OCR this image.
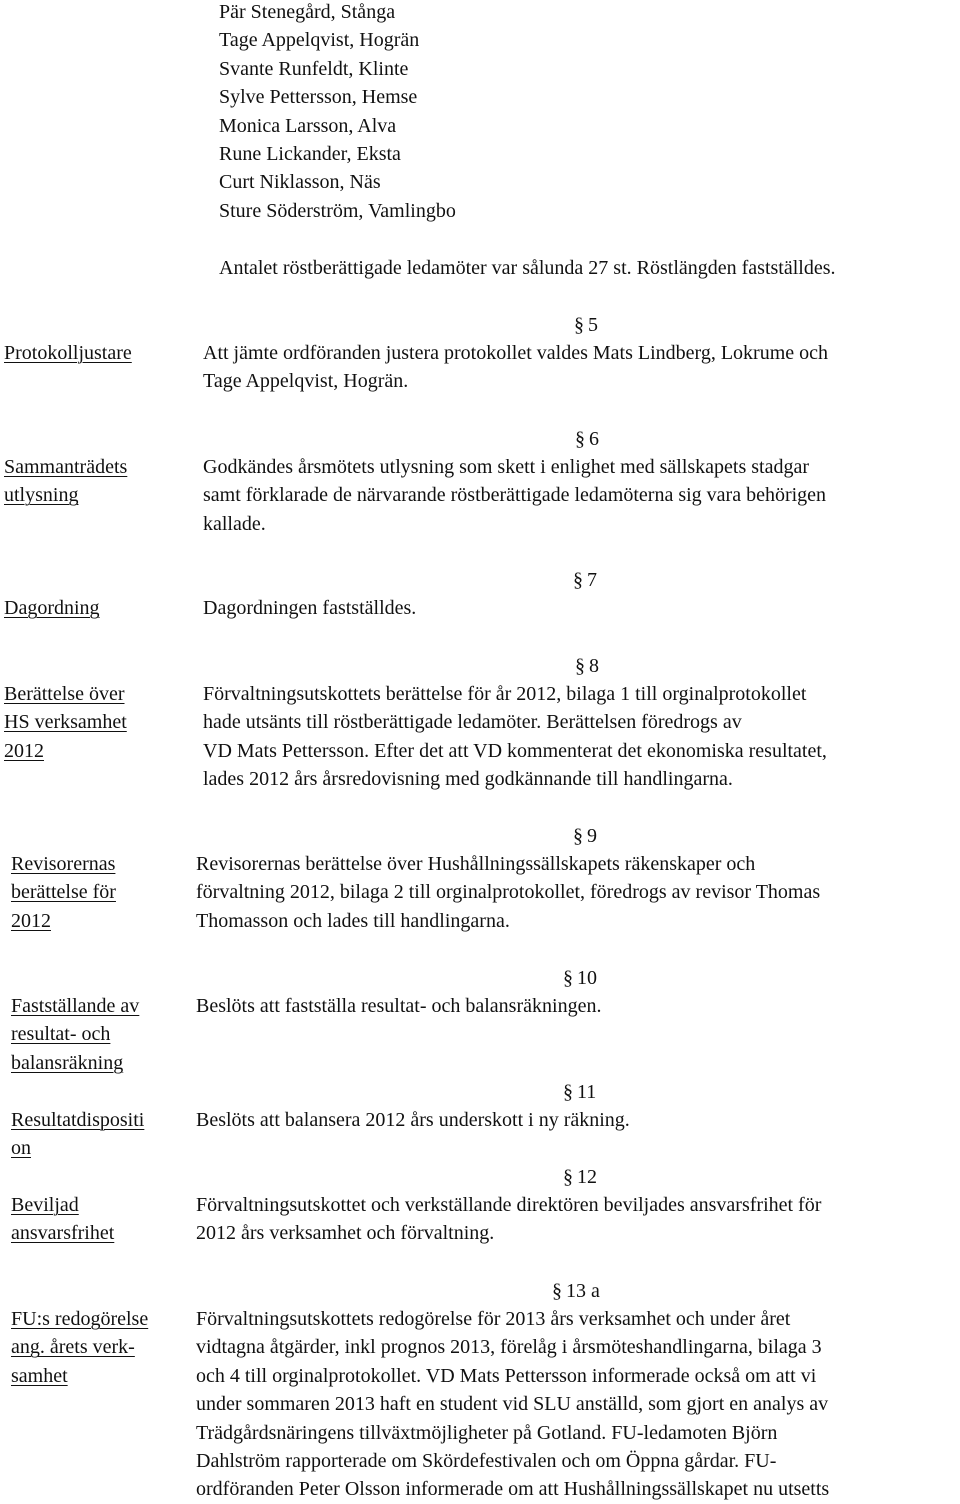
Pär Stenegård, Stånga
Tage Appelqvist, Hogrän
Svante Runfeldt, Klinte
Sylve Pettersson, Hemse
Monica Larsson, Alva
Rune Lickander, Eksta
Curt Niklasson, Näs
Sture Söderström, Vamlingbo
Antalet röstberättigade ledamöter var sålunda 27 st. Röstlängden fastställdes.
§ 5
Protokolljustare	Att jämte ordföranden justera protokollet valdes Mats Lindberg, Lokrume och
Tage Appelqvist, Hogrän.
§ 6
Sammanträdets
utlysning
Godkändes årsmötets utlysning som skett i enlighet med sällskapets stadgar
samt förklarade de närvarande röstberättigade ledamöterna sig vara behörigen
kallade.
§ 7
Dagordning	Dagordningen fastställdes.
§ 8
Berättelse över
HS verksamhet
2012
Förvaltningsutskottets berättelse för år 2012, bilaga 1 till orginalprotokollet
hade utsänts till röstberättigade ledamöter. Berättelsen föredrogs av
VD Mats Pettersson. Efter det att VD kommenterat det ekonomiska resultatet,
lades 2012 års årsredovisning med godkännande till handlingarna.
§ 9
Revisorernas
berättelse för
2012
Revisorernas berättelse över Hushållningssällskapets räkenskaper och
förvaltning 2012, bilaga 2 till orginalprotokollet, föredrogs av revisor Thomas
Thomasson och lades till handlingarna.
§ 10
Fastställande av
resultat- och
balansräkning
Beslöts att fastställa resultat- och balansräkningen.
§ 11
Resultatdispositi
on
Beslöts att balansera 2012 års underskott i ny räkning.
§ 12
Beviljad
ansvarsfrihet
Förvaltningsutskottet och verkställande direktören beviljades ansvarsfrihet för
2012 års verksamhet och förvaltning.
§ 13 a
FU:s redogörelse
ang. årets verk-
samhet
Förvaltningsutskottets redogörelse för 2013 års verksamhet och under året
vidtagna åtgärder, inkl prognos 2013, förelåg i årsmöteshandlingarna, bilaga 3
och 4 till orginalprotokollet. VD Mats Pettersson informerade också om att vi
under sommaren 2013 haft en student vid SLU anställd, som gjort en analys av
Trädgårdsnäringens tillväxtmöjligheter på Gotland. FU-ledamoten Björn
Dahlström rapporterade om Skördefestivalen och om Öppna gårdar. FU-
ordföranden Peter Olsson informerade om att Hushållningssällskapet nu utsetts
